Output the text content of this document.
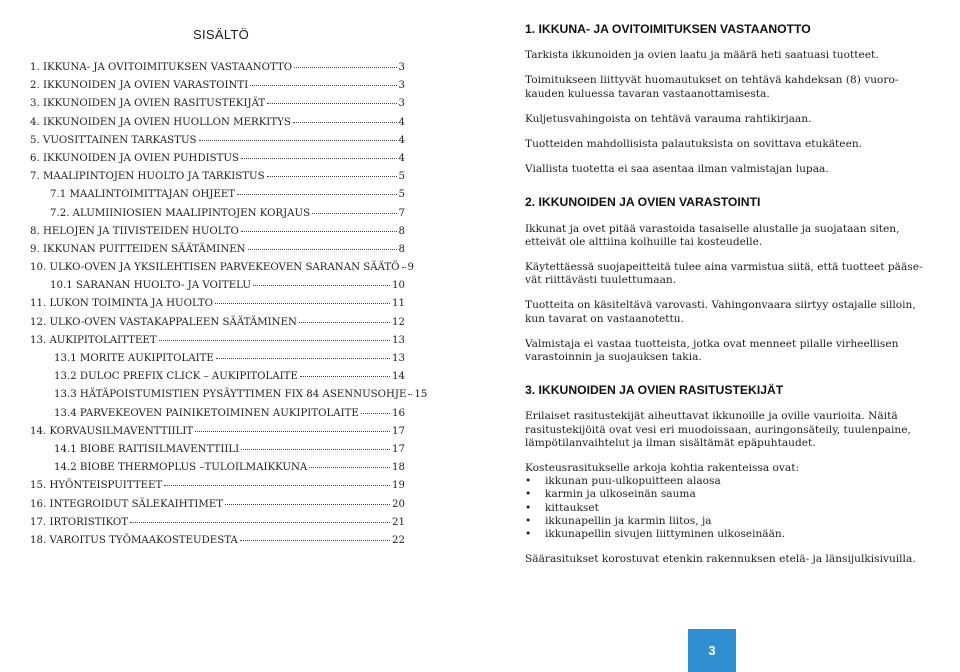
SISÄLTÖ
1. IKKUNA- JA OVITOIMITUKSEN VASTAANOTTO	3
2. IKKUNOIDEN JA OVIEN VARASTOINTI	3
3. IKKUNOIDEN JA OVIEN RASITUSTEKIJÄT	3
4. IKKUNOIDEN JA OVIEN HUOLLON MERKITYS	4
5. VUOSITTAINEN TARKASTUS	4
6. IKKUNOIDEN JA OVIEN PUHDISTUS	4
7. MAALIPINTOJEN HUOLTO JA TARKISTUS	5
7.1 MAALINTOIMITTAJAN OHJEET	5
7.2. ALUMIINIOSIEN MAALIPINTOJEN KORJAUS	7
8. HELOJEN JA TIIVISTEIDEN HUOLTO	8
9. IKKUNAN PUITTEIDEN SÄÄTÄMINEN	8
10. ULKO-OVEN JA YKSILEHTISEN PARVEKEOVEN SARANAN SÄÄTÖ 9
10.1 SARANAN HUOLTO- JA VOITELU	10
11. LUKON TOIMINTA JA HUOLTO	11
12. ULKO-OVEN VASTAKAPPALEEN SÄÄTÄMINEN	12
13. AUKIPITOLAITTEET	13
13.1 MORITE AUKIPITOLAITE	13
13.2 DULOC PREFIX CLICK – AUKIPITOLAITE	14
13.3 HÄTÄPOISTUMISTIEN PYSÄYTTIMEN FIX 84 ASENNUSOHJE 15
13.4 PARVEKEOVEN PAINIKETOIMINEN AUKIPITOLAITE	16
14. KORVAUSILMAVENTTIILIT	17
14.1 BIOBE RAITISILMAVENTTIILI	17
14.2 BIOBE THERMOPLUS –TULOILMAIKKUNA	18
15. HYÖNTEISPUITTEET	19
16. INTEGROIDUT SÄLEKAIHTIMET	20
17. IRTORISTIKOT	21
18. VAROITUS TYÖMAAKOSTEUDESTA	22
1. IKKUNA- JA OVITOIMITUKSEN VASTAANOTTO

Tarkista ikkunoiden ja ovien laatu ja määrä heti saatuasi tuotteet.

Toimitukseen liittyvät huomautukset on tehtävä kahdeksan (8) vuoro-kauden kuluessa tavaran vastaanottamisesta.

Kuljetusvahingoista on tehtävä varauma rahtikirjaan.

Tuotteiden mahdollisista palautuksista on sovittava etukäteen.

Viallista tuotetta ei saa asentaa ilman valmistajan lupaa.

2. IKKUNOIDEN JA OVIEN VARASTOINTI

Ikkunat ja ovet pitää varastoida tasaiselle alustalle ja suojataan siten, etteivät ole alttiina kolhuille tai kosteudelle.

Käytettäessä suojapeitteitä tulee aina varmistua siitä, että tuotteet pääse-vät riittävästi tuulettumaan.

Tuotteita on käsiteltävä varovasti. Vahingonvaara siirtyy ostajalle silloin, kun tavarat on vastaanotettu.

Valmistaja ei vastaa tuotteista, jotka ovat menneet pilalle virheellisen varastoinnin ja suojauksen takia.

3. IKKUNOIDEN JA OVIEN RASITUSTEKIJÄT

Erilaiset rasitustekijät aiheuttavat ikkunoille ja oville vaurioita. Näitä rasitustekijöitä ovat vesi eri muodoissaan, auringonsäteily, tuulenpaine, lämpötilanvaihtelut ja ilman sisältämät epäpuhtaudet.

Kosteusrasitukselle arkoja kohtia rakenteissa ovat:

• ikkunan puu-ulkopuitteen alaosa
• karmin ja ulkoseinän sauma
• kittaukset
• ikkunapellin ja karmin liitos, ja
• ikkunapellin sivujen liittyminen ulkoseinään.

Säärasitukset korostuvat etenkin rakennuksen etelä- ja länsijulkisivuilla.

3
